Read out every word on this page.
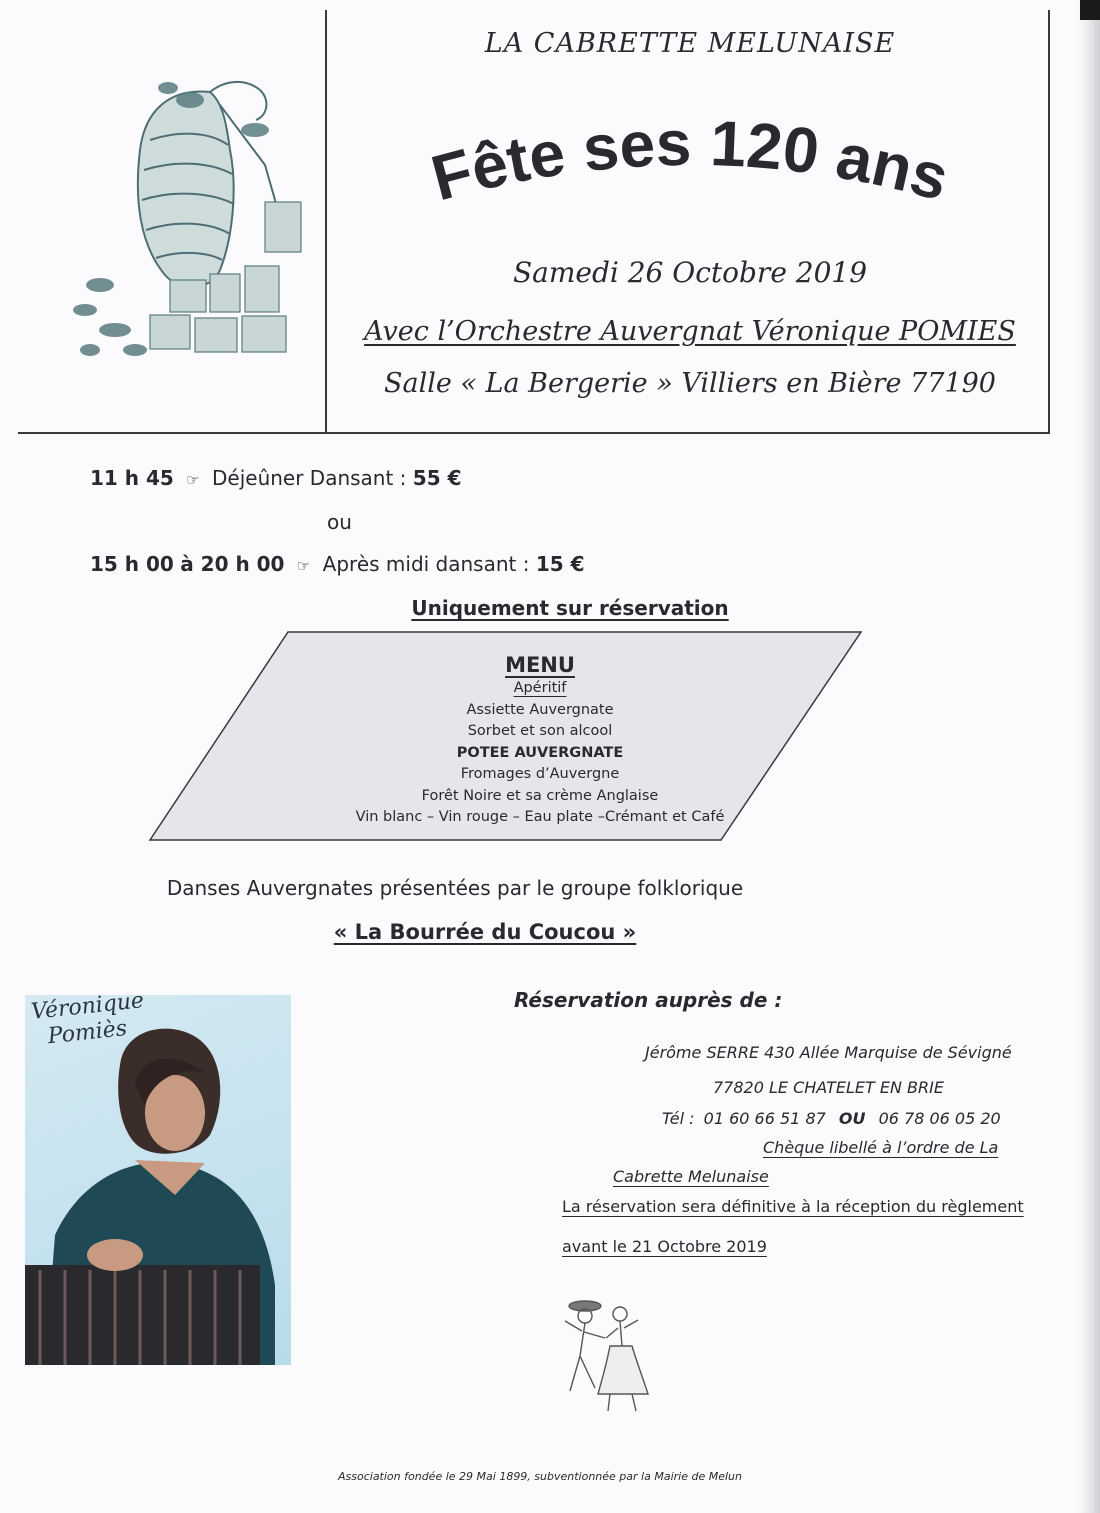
LA CABRETTE MELUNAISE
Fête ses 120 ans
Samedi 26 Octobre 2019
Avec l’Orchestre Auvergnat Véronique POMIES
Salle « La Bergerie » Villiers en Bière 77190
11 h 45 ☞ Déjeûner Dansant : 55 €
ou
15 h 00 à 20 h 00 ☞ Après midi dansant : 15 €
Uniquement sur réservation
MENU
Apéritif
Assiette Auvergnate
Sorbet et son alcool
POTEE AUVERGNATE
Fromages d’Auvergne
Forêt Noire et sa crème Anglaise
Vin blanc – Vin rouge – Eau plate –Crémant et Café
Danses Auvergnates présentées par le groupe folklorique
« La Bourrée du Coucou »
Véronique
Pomiès
Réservation auprès de :
Jérôme SERRE 430 Allée Marquise de Sévigné
77820 LE CHATELET EN BRIE
Tél : 01 60 66 51 87 OU 06 78 06 05 20
Chèque libellé à l’ordre de La
Cabrette Melunaise
La réservation sera définitive à la réception du règlement
avant le 21 Octobre 2019
Association fondée le 29 Mai 1899, subventionnée par la Mairie de Melun
